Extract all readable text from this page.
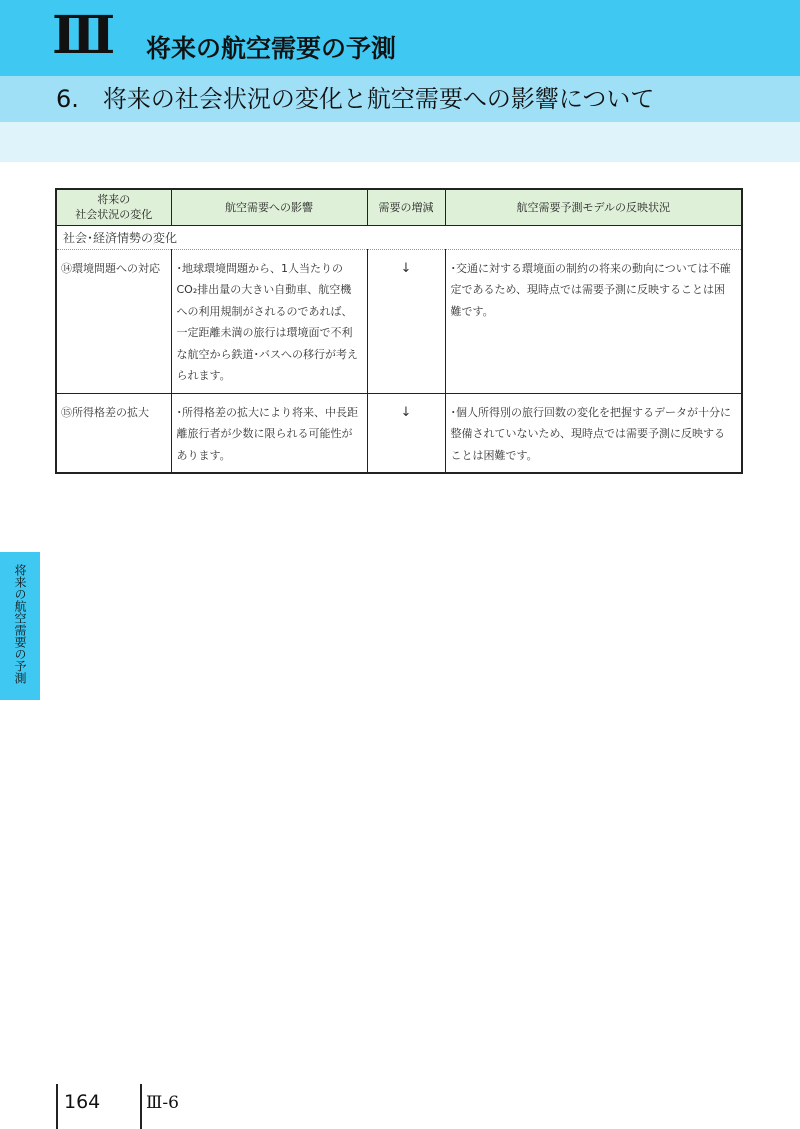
Ⅲ 将来の航空需要の予測
6.　将来の社会状況の変化と航空需要への影響について
将来の航空需要の予測
将来の
社会状況の変化	航空需要への影響	需要の増減	航空需要予測モデルの反映状況
社会･経済情勢の変化			
⑭環境問題への対応	･地球環境問題から、1人当たりのCO₂排出量の大きい自動車、航空機への利用規制がされるのであれば、一定距離未満の旅行は環境面で不利な航空から鉄道･バスへの移行が考えられます。	↓	･交通に対する環境面の制約の将来の動向については不確定であるため、現時点では需要予測に反映することは困難です。
⑮所得格差の拡大	･所得格差の拡大により将来、中長距離旅行者が少数に限られる可能性があります。	↓	･個人所得別の旅行回数の変化を把握するデータが十分に整備されていないため、現時点では需要予測に反映することは困難です。
164	Ⅲ-6
